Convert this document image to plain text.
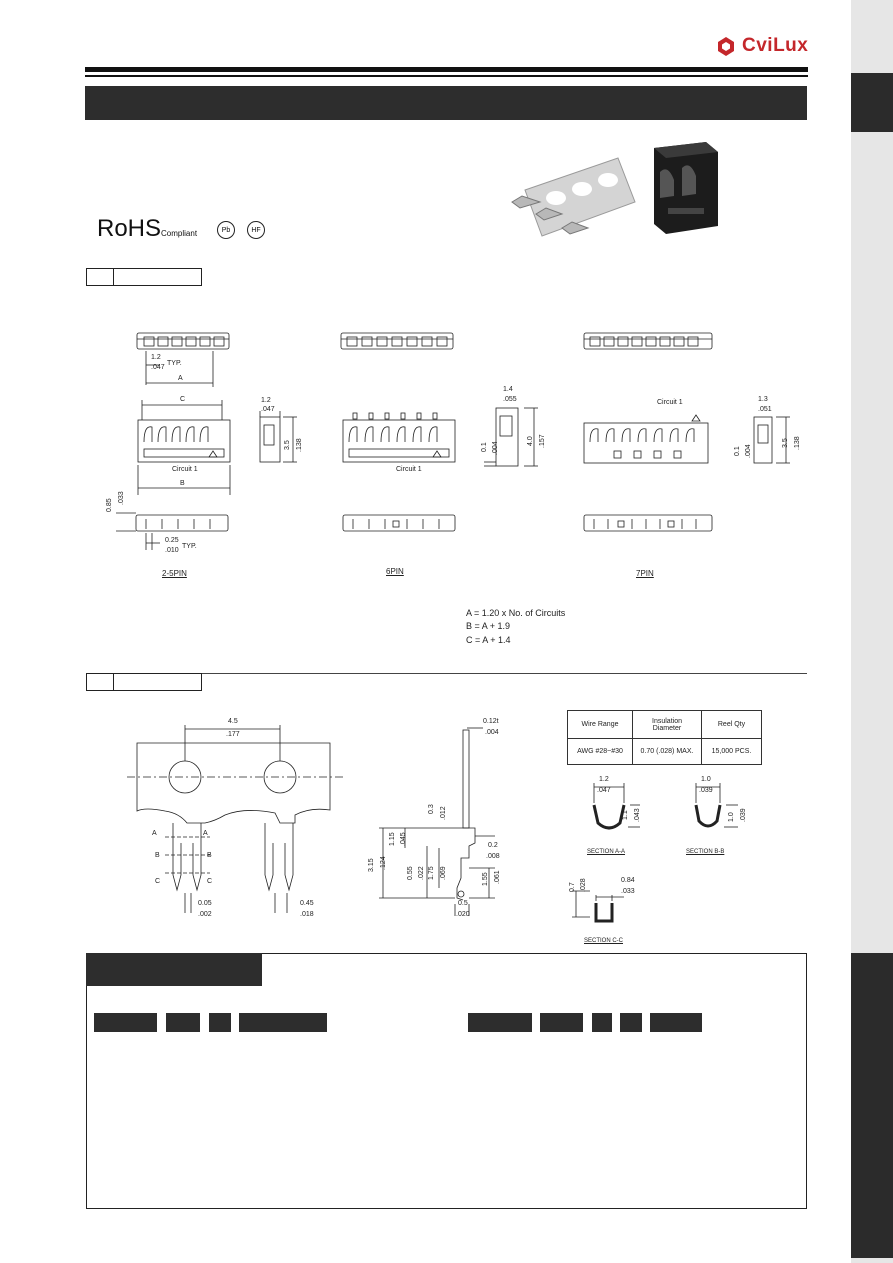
CviLux
RoHSCompliant	Pb	HF
1.2
.047
TYP.
A
C
Circuit 1
B
0.85
.033
0.25
.010
TYP.
1.2
.047
3.5 .138
Circuit 1
1.4
.055
4.0 .157
0.1 .004
Circuit 1	1.3
.051
3.5 .138
0.1 .004
2-5PIN	6PIN	7PIN
A = 1.20 x No. of Circuits
B = A + 1.9
C = A + 1.4
4.5
.177
A	A
B	B
C	C
0.05
.002
0.45
.018
0.12t
.004
0.3 .012
1.15 .045
3.15 .124
0.55 .022 1.75 .069
0.2
.008
1.55 .061
0.5
.020
Wire Range	Insulation Diameter	Reel Qty
AWG #28~#30	0.70 (.028) MAX.	15,000 PCS.
1.2
.047
1.1 .043
SECTION A-A
1.0
.039
1.0 .039
SECTION B-B
0.7 .028	0.84
.033
SECTION C-C
